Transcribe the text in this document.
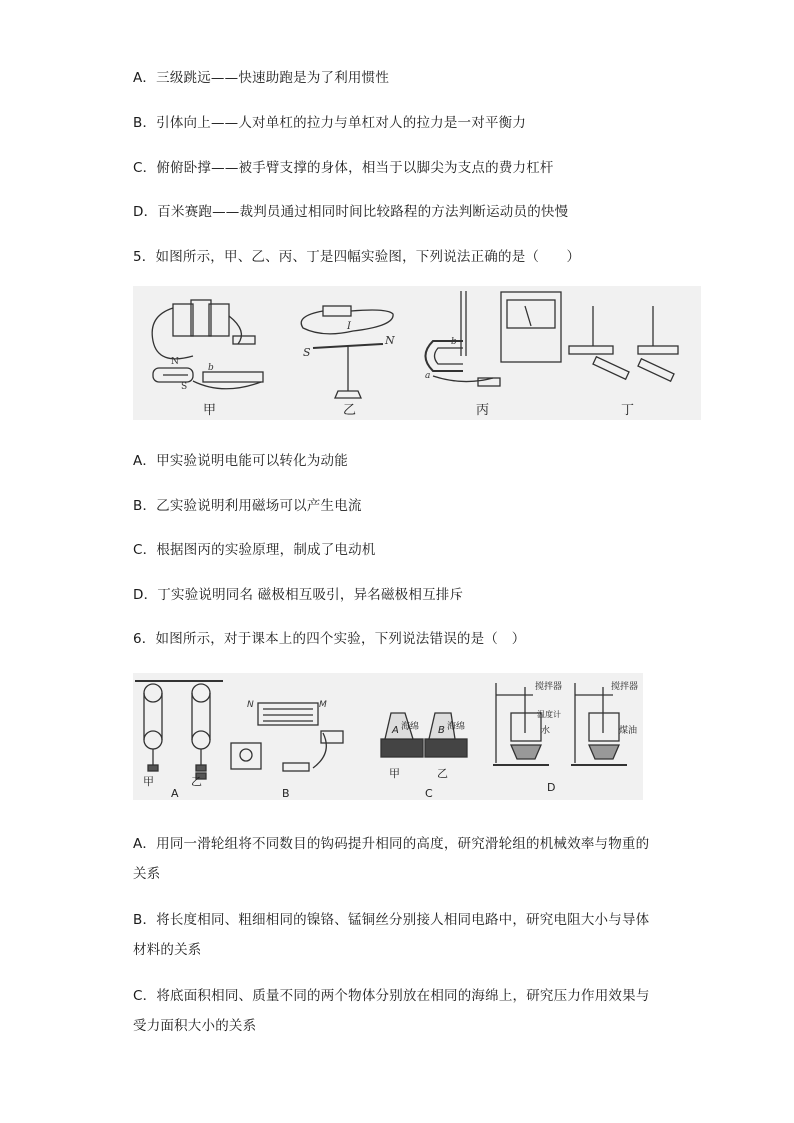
A．三级跳远——快速助跑是为了利用惯性
B．引体向上——人对单杠的拉力与单杠对人的拉力是一对平衡力
C．俯俯卧撑——被手臂支撑的身体，相当于以脚尖为支点的费力杠杆
D．百米赛跑——裁判员通过相同时间比较路程的方法判断运动员的快慢
5．如图所示，甲、乙、丙、丁是四幅实验图，下列说法正确的是（　　）
N
b
S
甲
I
S
N
乙
b
a
丙	丁
A．甲实验说明电能可以转化为动能
B．乙实验说明利用磁场可以产生电流
C．根据图丙的实验原理，制成了电动机
D．丁实验说明同名 磁极相互吸引，异名磁极相互排斥
6．如图所示，对于课本上的四个实验，下列说法错误的是（　）
甲	乙
A
N	M
B
A	B
海绵	海绵
甲	乙
C
搅拌器	搅拌器
温度计
水	煤油
D
A．用同一滑轮组将不同数目的钩码提升相同的高度，研究滑轮组的机械效率与物重的
关系
B．将长度相同、粗细相同的镍铬、锰铜丝分别接人相同电路中，研究电阻大小与导体
材料的关系
C．将底面积相同、质量不同的两个物体分别放在相同的海绵上，研究压力作用效果与
受力面积大小的关系
